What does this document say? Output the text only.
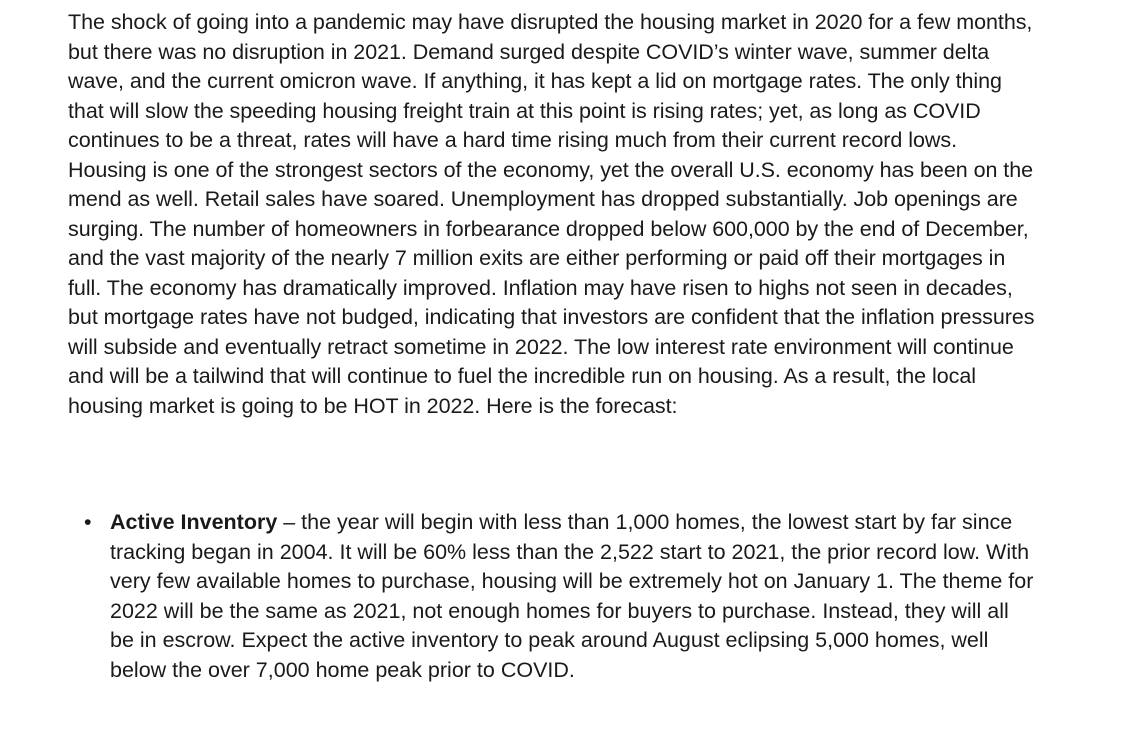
The shock of going into a pandemic may have disrupted the housing market in 2020 for a few months, but there was no disruption in 2021. Demand surged despite COVID’s winter wave, summer delta wave, and the current omicron wave. If anything, it has kept a lid on mortgage rates. The only thing that will slow the speeding housing freight train at this point is rising rates; yet, as long as COVID continues to be a threat, rates will have a hard time rising much from their current record lows. Housing is one of the strongest sectors of the economy, yet the overall U.S. economy has been on the mend as well. Retail sales have soared. Unemployment has dropped substantially. Job openings are surging. The number of homeowners in forbearance dropped below 600,000 by the end of December, and the vast majority of the nearly 7 million exits are either performing or paid off their mortgages in full. The economy has dramatically improved. Inflation may have risen to highs not seen in decades, but mortgage rates have not budged, indicating that investors are confident that the inflation pressures will subside and eventually retract sometime in 2022. The low interest rate environment will continue and will be a tailwind that will continue to fuel the incredible run on housing. As a result, the local housing market is going to be HOT in 2022. Here is the forecast:

• Active Inventory – the year will begin with less than 1,000 homes, the lowest start by far since tracking began in 2004. It will be 60% less than the 2,522 start to 2021, the prior record low. With very few available homes to purchase, housing will be extremely hot on January 1. The theme for 2022 will be the same as 2021, not enough homes for buyers to purchase. Instead, they will all be in escrow. Expect the active inventory to peak around August eclipsing 5,000 homes, well below the over 7,000 home peak prior to COVID.
